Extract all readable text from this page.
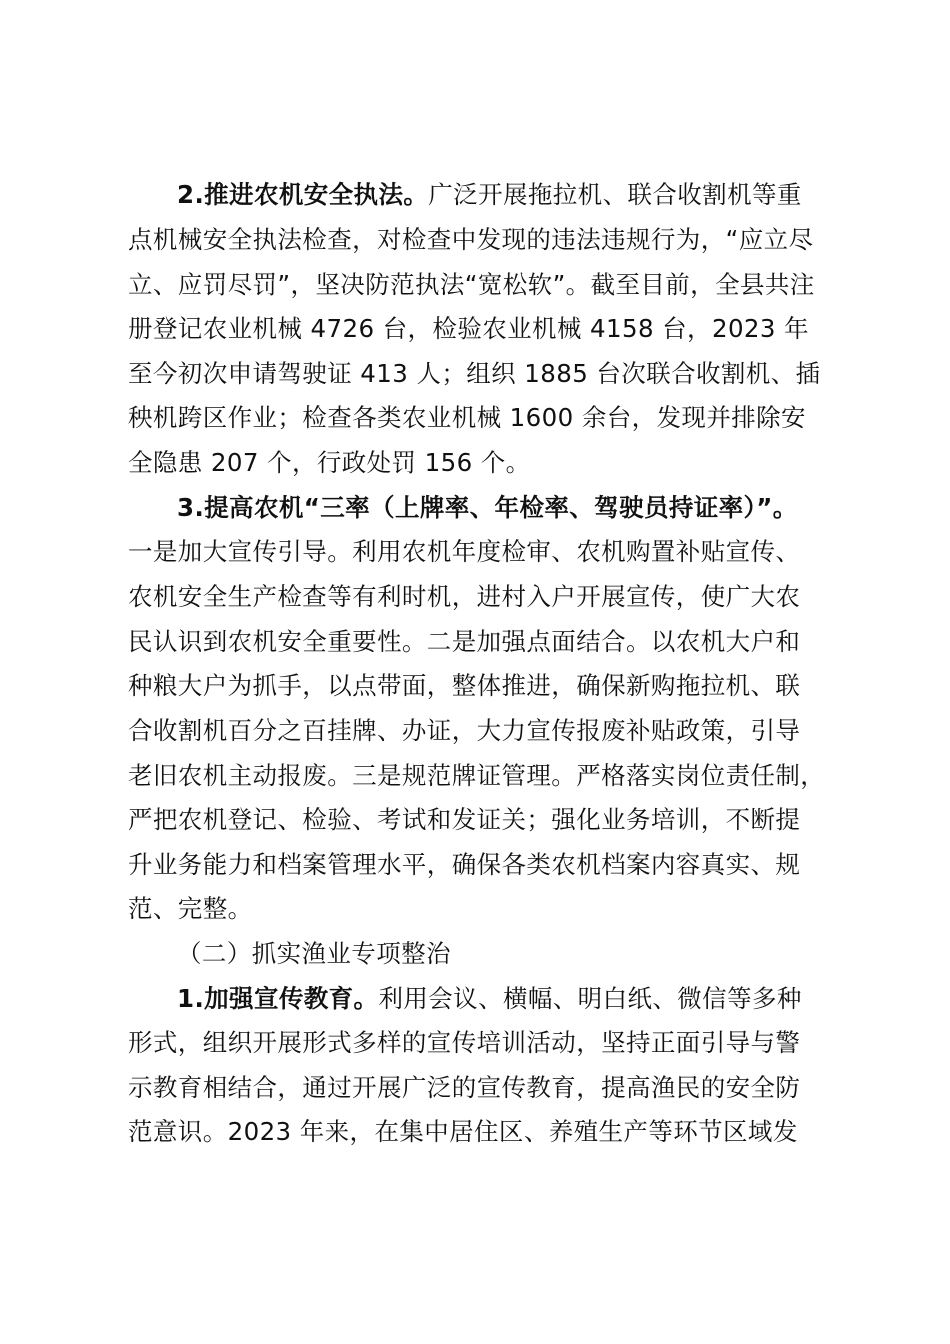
2.推进农机安全执法。广泛开展拖拉机、联合收割机等重
点机械安全执法检查，对检查中发现的违法违规行为，“应立尽
立、应罚尽罚”，坚决防范执法“宽松软”。截至目前，全县共注
册登记农业机械 4726 台，检验农业机械 4158 台，2023 年
至今初次申请驾驶证 413 人；组织 1885 台次联合收割机、插
秧机跨区作业；检查各类农业机械 1600 余台，发现并排除安
全隐患 207 个，行政处罚 156 个。
3.提高农机“三率（上牌率、年检率、驾驶员持证率）”。
一是加大宣传引导。利用农机年度检审、农机购置补贴宣传、
农机安全生产检查等有利时机，进村入户开展宣传，使广大农
民认识到农机安全重要性。二是加强点面结合。以农机大户和
种粮大户为抓手，以点带面，整体推进，确保新购拖拉机、联
合收割机百分之百挂牌、办证，大力宣传报废补贴政策，引导
老旧农机主动报废。三是规范牌证管理。严格落实岗位责任制，
严把农机登记、检验、考试和发证关；强化业务培训，不断提
升业务能力和档案管理水平，确保各类农机档案内容真实、规
范、完整。
（二）抓实渔业专项整治
1.加强宣传教育。利用会议、横幅、明白纸、微信等多种
形式，组织开展形式多样的宣传培训活动，坚持正面引导与警
示教育相结合，通过开展广泛的宣传教育，提高渔民的安全防
范意识。2023 年来，在集中居住区、养殖生产等环节区域发
